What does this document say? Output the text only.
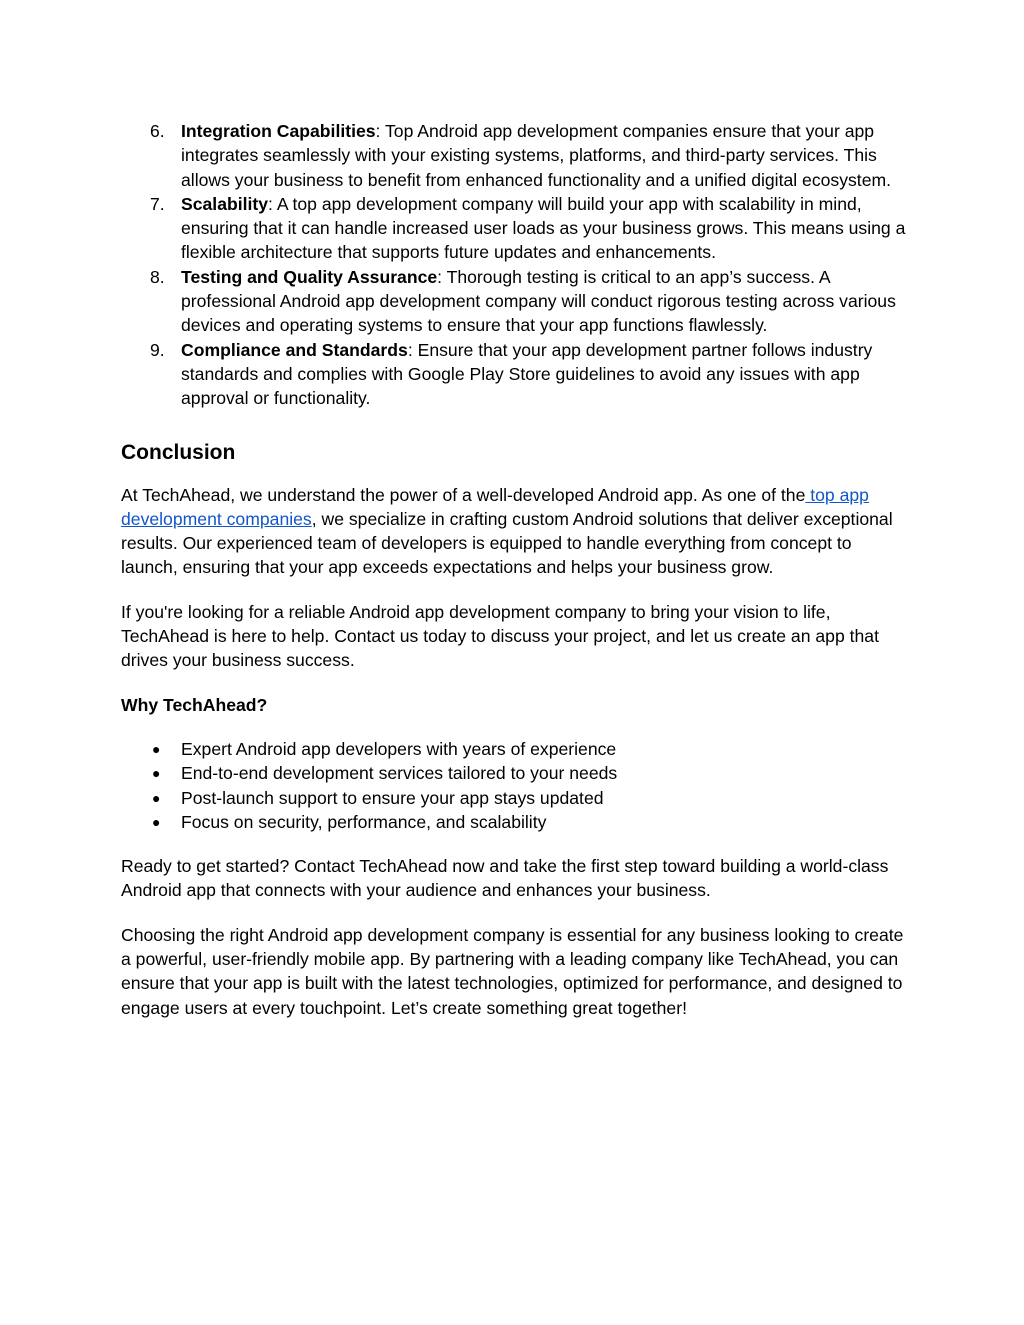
6. Integration Capabilities: Top Android app development companies ensure that your app integrates seamlessly with your existing systems, platforms, and third-party services. This allows your business to benefit from enhanced functionality and a unified digital ecosystem.
7. Scalability: A top app development company will build your app with scalability in mind, ensuring that it can handle increased user loads as your business grows. This means using a flexible architecture that supports future updates and enhancements.
8. Testing and Quality Assurance: Thorough testing is critical to an app’s success. A professional Android app development company will conduct rigorous testing across various devices and operating systems to ensure that your app functions flawlessly.
9. Compliance and Standards: Ensure that your app development partner follows industry standards and complies with Google Play Store guidelines to avoid any issues with app approval or functionality.
Conclusion

At TechAhead, we understand the power of a well-developed Android app. As one of the top app development companies, we specialize in crafting custom Android solutions that deliver exceptional results. Our experienced team of developers is equipped to handle everything from concept to launch, ensuring that your app exceeds expectations and helps your business grow.

If you're looking for a reliable Android app development company to bring your vision to life, TechAhead is here to help. Contact us today to discuss your project, and let us create an app that drives your business success.

Why TechAhead?

● Expert Android app developers with years of experience
● End-to-end development services tailored to your needs
● Post-launch support to ensure your app stays updated
● Focus on security, performance, and scalability

Ready to get started? Contact TechAhead now and take the first step toward building a world-class Android app that connects with your audience and enhances your business.

Choosing the right Android app development company is essential for any business looking to create a powerful, user-friendly mobile app. By partnering with a leading company like TechAhead, you can ensure that your app is built with the latest technologies, optimized for performance, and designed to engage users at every touchpoint. Let’s create something great together!
